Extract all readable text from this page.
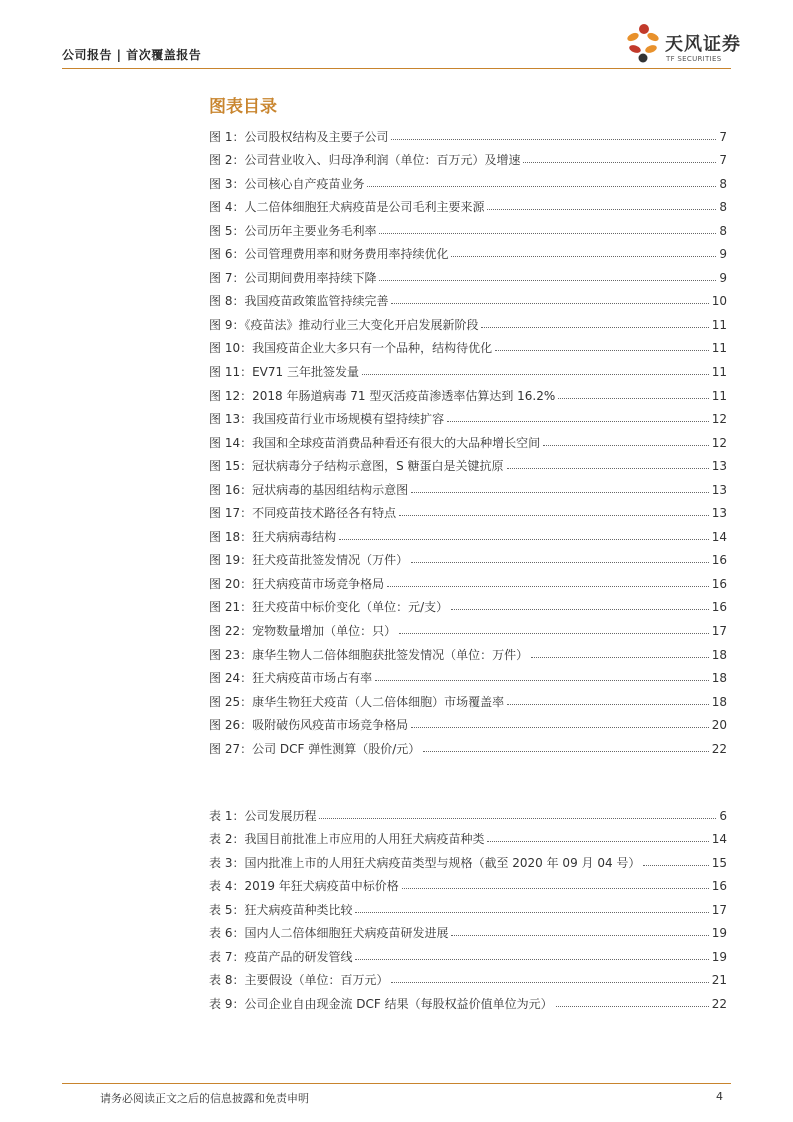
公司报告 | 首次覆盖报告	天风证券
TF SECURITIES
图表目录
图 1：公司股权结构及主要子公司	7
图 2：公司营业收入、归母净利润（单位：百万元）及增速	7
图 3：公司核心自产疫苗业务	8
图 4：人二倍体细胞狂犬病疫苗是公司毛利主要来源	8
图 5：公司历年主要业务毛利率	8
图 6：公司管理费用率和财务费用率持续优化	9
图 7：公司期间费用率持续下降	9
图 8：我国疫苗政策监管持续完善	10
图 9：《疫苗法》推动行业三大变化开启发展新阶段	11
图 10：我国疫苗企业大多只有一个品种，结构待优化	11
图 11：EV71 三年批签发量	11
图 12：2018 年肠道病毒 71 型灭活疫苗渗透率估算达到 16.2%	11
图 13：我国疫苗行业市场规模有望持续扩容	12
图 14：我国和全球疫苗消费品种看还有很大的大品种增长空间	12
图 15：冠状病毒分子结构示意图，S 糖蛋白是关键抗原	13
图 16：冠状病毒的基因组结构示意图	13
图 17：不同疫苗技术路径各有特点	13
图 18：狂犬病病毒结构	14
图 19：狂犬疫苗批签发情况（万件）	16
图 20：狂犬病疫苗市场竞争格局	16
图 21：狂犬疫苗中标价变化（单位：元/支）	16
图 22：宠物数量增加（单位：只）	17
图 23：康华生物人二倍体细胞获批签发情况（单位：万件）	18
图 24：狂犬病疫苗市场占有率	18
图 25：康华生物狂犬疫苗（人二倍体细胞）市场覆盖率	18
图 26：吸附破伤风疫苗市场竞争格局	20
图 27：公司 DCF 弹性测算（股价/元）	22
表 1：公司发展历程	6
表 2：我国目前批准上市应用的人用狂犬病疫苗种类	14
表 3：国内批准上市的人用狂犬病疫苗类型与规格（截至 2020 年 09 月 04 号）	15
表 4：2019 年狂犬病疫苗中标价格	16
表 5：狂犬病疫苗种类比较	17
表 6：国内人二倍体细胞狂犬病疫苗研发进展	19
表 7：疫苗产品的研发管线	19
表 8：主要假设（单位：百万元）	21
表 9：公司企业自由现金流 DCF 结果（每股权益价值单位为元）	22
请务必阅读正文之后的信息披露和免责申明	4
